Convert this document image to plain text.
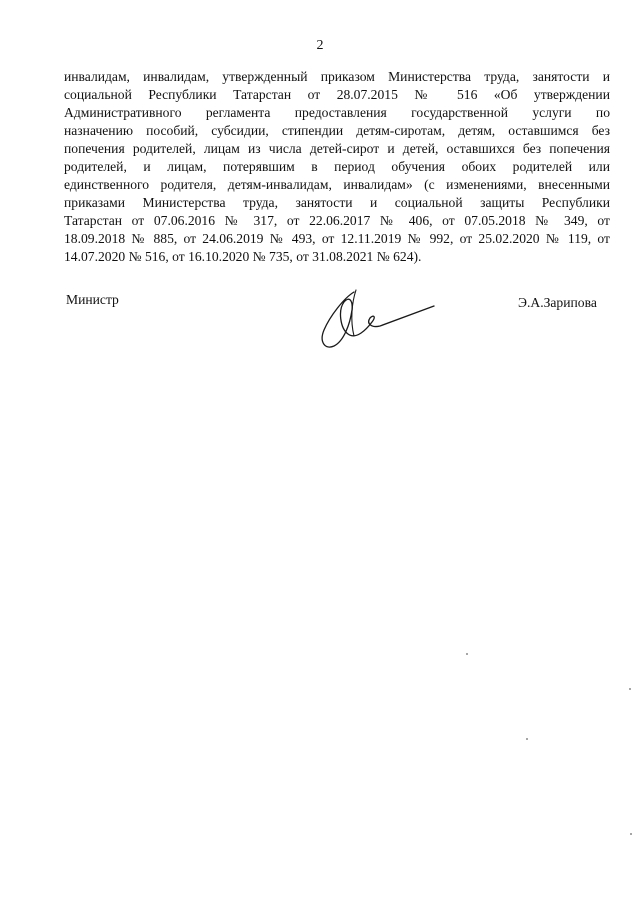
2
инвалидам, инвалидам, утвержденный приказом Министерства труда, занятости и
социальной Республики Татарстан от 28.07.2015 № 516 «Об утверждении
Административного регламента предоставления государственной услуги по
назначению пособий, субсидии, стипендии детям-сиротам, детям, оставшимся без
попечения родителей, лицам из числа детей-сирот и детей, оставшихся без попечения
родителей, и лицам, потерявшим в период обучения обоих родителей или
единственного родителя, детям-инвалидам, инвалидам» (с изменениями, внесенными
приказами Министерства труда, занятости и социальной защиты Республики
Татарстан от 07.06.2016 № 317, от 22.06.2017 № 406, от 07.05.2018 № 349, от
18.09.2018 № 885, от 24.06.2019 № 493, от 12.11.2019 № 992, от 25.02.2020 № 119, от
14.07.2020 № 516, от 16.10.2020 № 735, от 31.08.2021 № 624).
Министр	Э.А.Зарипова
